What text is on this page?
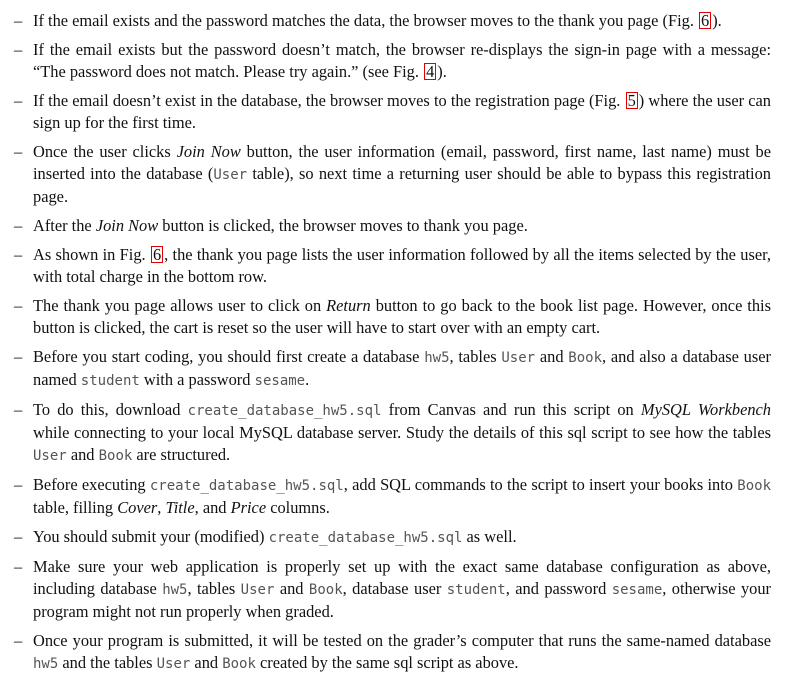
– If the email exists and the password matches the data, the browser moves to the thank you page (Fig. 6 ).
– If the email exists but the password doesn’t match, the browser re-displays the sign-in page with a message: “The password does not match. Please try again.” (see Fig. 4 ).
– If the email doesn’t exist in the database, the browser moves to the registration page (Fig. 5 ) where the user can sign up for the first time.
– Once the user clicks Join Now button, the user information (email, password, first name, last name) must be inserted into the database (User table), so next time a returning user should be able to bypass this registration page.
– After the Join Now button is clicked, the browser moves to thank you page.
– As shown in Fig. 6 , the thank you page lists the user information followed by all the items selected by the user, with total charge in the bottom row.
– The thank you page allows user to click on Return button to go back to the book list page. However, once this button is clicked, the cart is reset so the user will have to start over with an empty cart.
– Before you start coding, you should first create a database hw5, tables User and Book, and also a database user named student with a password sesame.
– To do this, download create_database_hw5.sql from Canvas and run this script on MySQL Workbench while connecting to your local MySQL database server. Study the details of this sql script to see how the tables User and Book are structured.
– Before executing create_database_hw5.sql, add SQL commands to the script to insert your books into Book table, filling Cover, Title, and Price columns.
– You should submit your (modified) create_database_hw5.sql as well.
– Make sure your web application is properly set up with the exact same database configuration as above, including database hw5, tables User and Book, database user student, and password sesame, otherwise your program might not run properly when graded.
– Once your program is submitted, it will be tested on the grader’s computer that runs the same-named database hw5 and the tables User and Book created by the same sql script as above.
